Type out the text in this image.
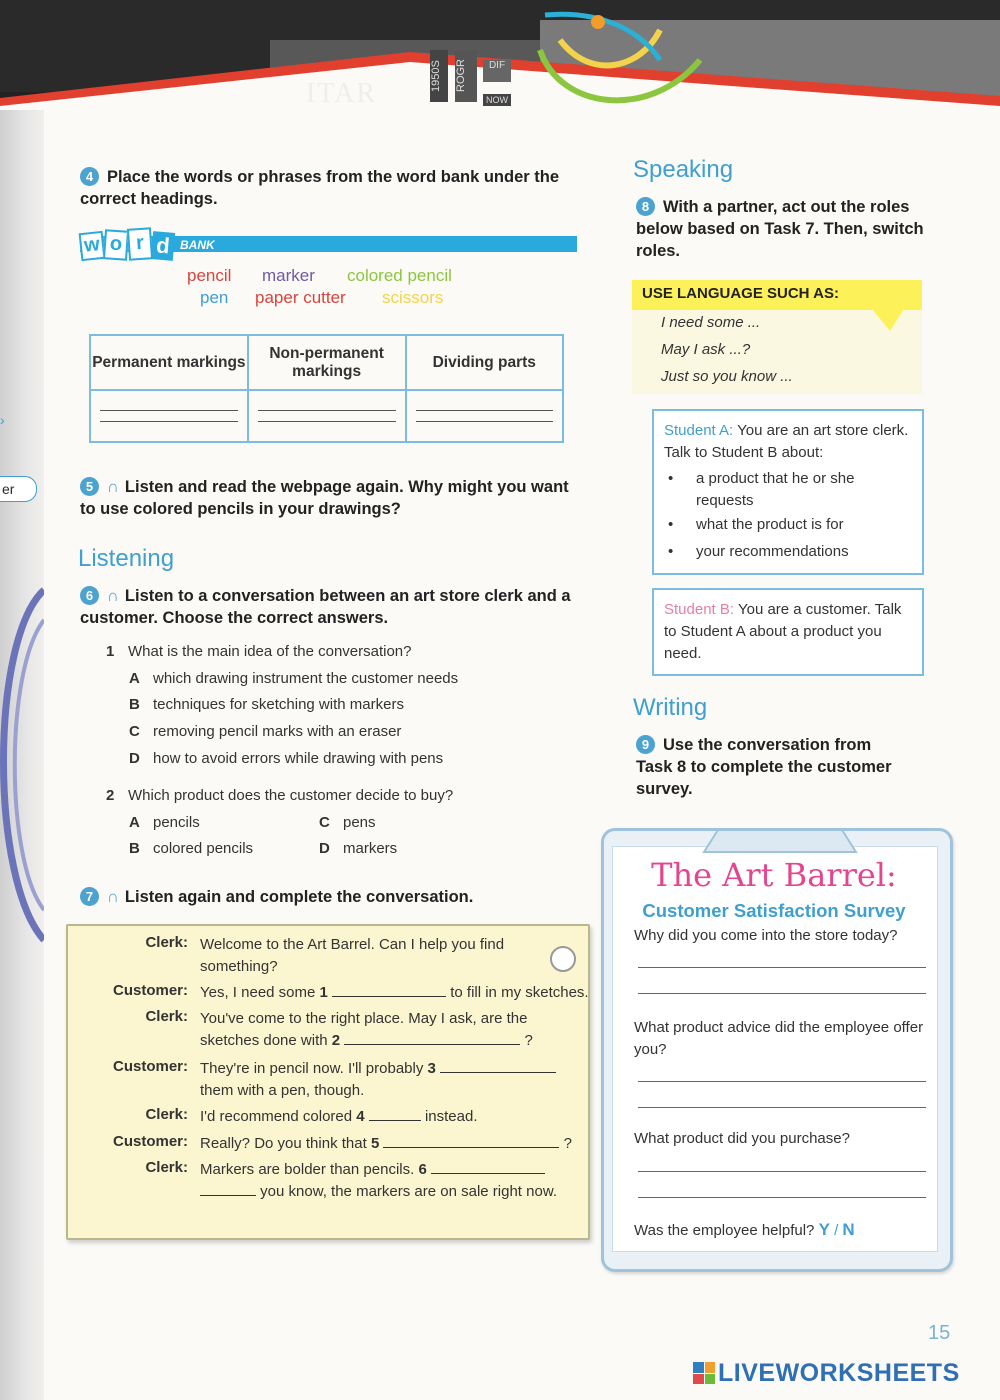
er
›
ITAR
1950S	ROGR	DIF
NOW
4 Place the words or phrases from the word bank under the correct headings.
w o r d BANK
pencil marker colored pencil
pen paper cutter scissors
Permanent markings	Non-permanent markings	Dividing parts

5 ∩ Listen and read the webpage again. Why might you want to use colored pencils in your drawings?
Listening
6 ∩ Listen to a conversation between an art store clerk and a customer. Choose the correct answers.
1 What is the main idea of the conversation?
A which drawing instrument the customer needs
B techniques for sketching with markers
C removing pencil marks with an eraser
D how to avoid errors while drawing with pens
2 Which product does the customer decide to buy?
A pencils	C pens
B colored pencils	D markers
7 ∩ Listen again and complete the conversation.
Clerk: Welcome to the Art Barrel. Can I help you find
something?
Customer: Yes, I need some 1	to fill in my sketches.
Clerk: You've come to the right place. May I ask, are the
sketches done with 2	?
Customer: They're in pencil now. I'll probably 3
them with a pen, though.
Clerk: I'd recommend colored 4	instead.
Customer: Really? Do you think that 5	?
Clerk: Markers are bolder than pencils. 6
you know, the markers are on sale right now.
Speaking
8 With a partner, act out the roles below based on Task 7. Then, switch roles.
USE LANGUAGE SUCH AS:
I need some ...
May I ask ...?
Just so you know ...
Student A: You are an art store clerk. Talk to Student B about:
• a product that he or she requests
• what the product is for
• your recommendations
Student B: You are a customer. Talk to Student A about a product you need.
Writing
9 Use the conversation from Task 8 to complete the customer survey.
The Art Barrel:
Customer Satisfaction Survey
Why did you come into the store today?
What product advice did the employee offer you?
What product did you purchase?
Was the employee helpful? Y / N
15
LIVEWORKSHEETS
